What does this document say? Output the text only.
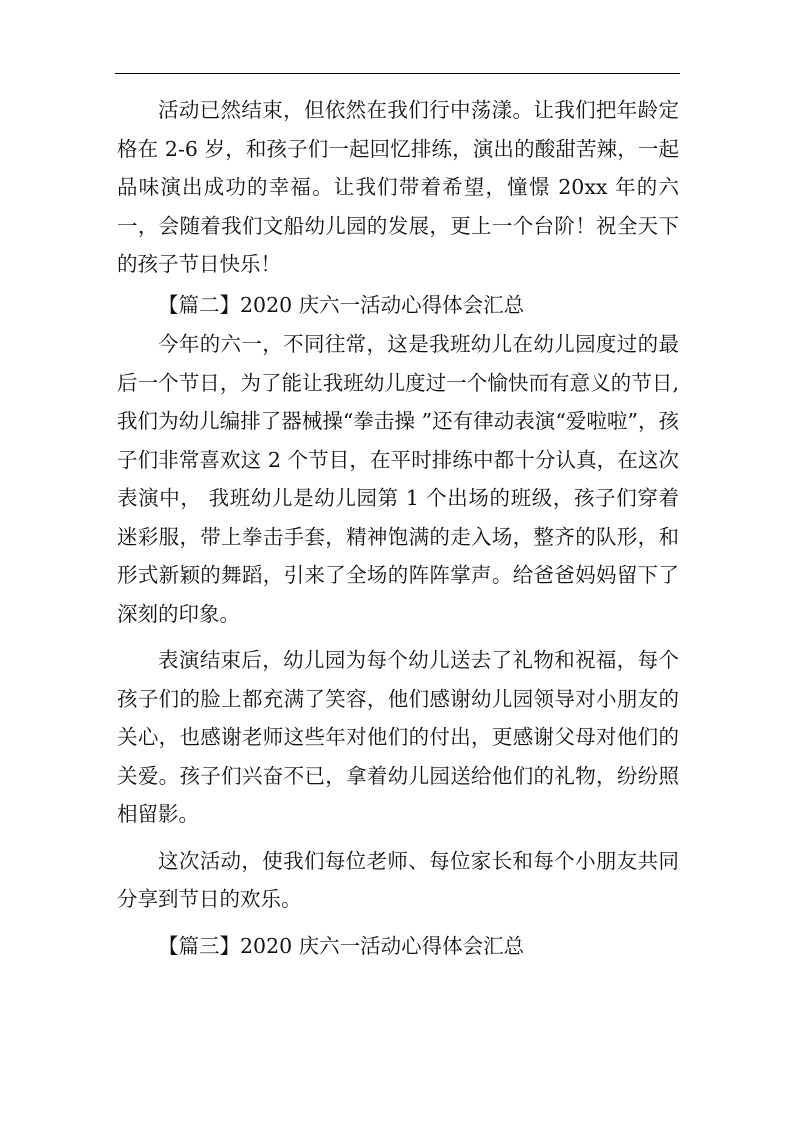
活动已然结束，但依然在我们行中荡漾。让我们把年龄定格在 2-6 岁，和孩子们一起回忆排练，演出的酸甜苦辣，一起品味演出成功的幸福。让我们带着希望，憧憬 20xx 年的六一，会随着我们文船幼儿园的发展，更上一个台阶！祝全天下的孩子节日快乐！

【篇二】2020 庆六一活动心得体会汇总

今年的六一，不同往常，这是我班幼儿在幼儿园度过的最后一个节日，为了能让我班幼儿度过一个愉快而有意义的节日,我们为幼儿编排了器械操“拳击操 ”还有律动表演“爱啦啦”，孩子们非常喜欢这 2 个节目，在平时排练中都十分认真，在这次表演中， 我班幼儿是幼儿园第 1 个出场的班级，孩子们穿着迷彩服，带上拳击手套，精神饱满的走入场，整齐的队形，和形式新颖的舞蹈，引来了全场的阵阵掌声。给爸爸妈妈留下了深刻的印象。

表演结束后，幼儿园为每个幼儿送去了礼物和祝福，每个孩子们的脸上都充满了笑容，他们感谢幼儿园领导对小朋友的关心，也感谢老师这些年对他们的付出，更感谢父母对他们的关爱。孩子们兴奋不已，拿着幼儿园送给他们的礼物，纷纷照相留影。

这次活动，使我们每位老师、每位家长和每个小朋友共同分享到节日的欢乐。

【篇三】2020 庆六一活动心得体会汇总
